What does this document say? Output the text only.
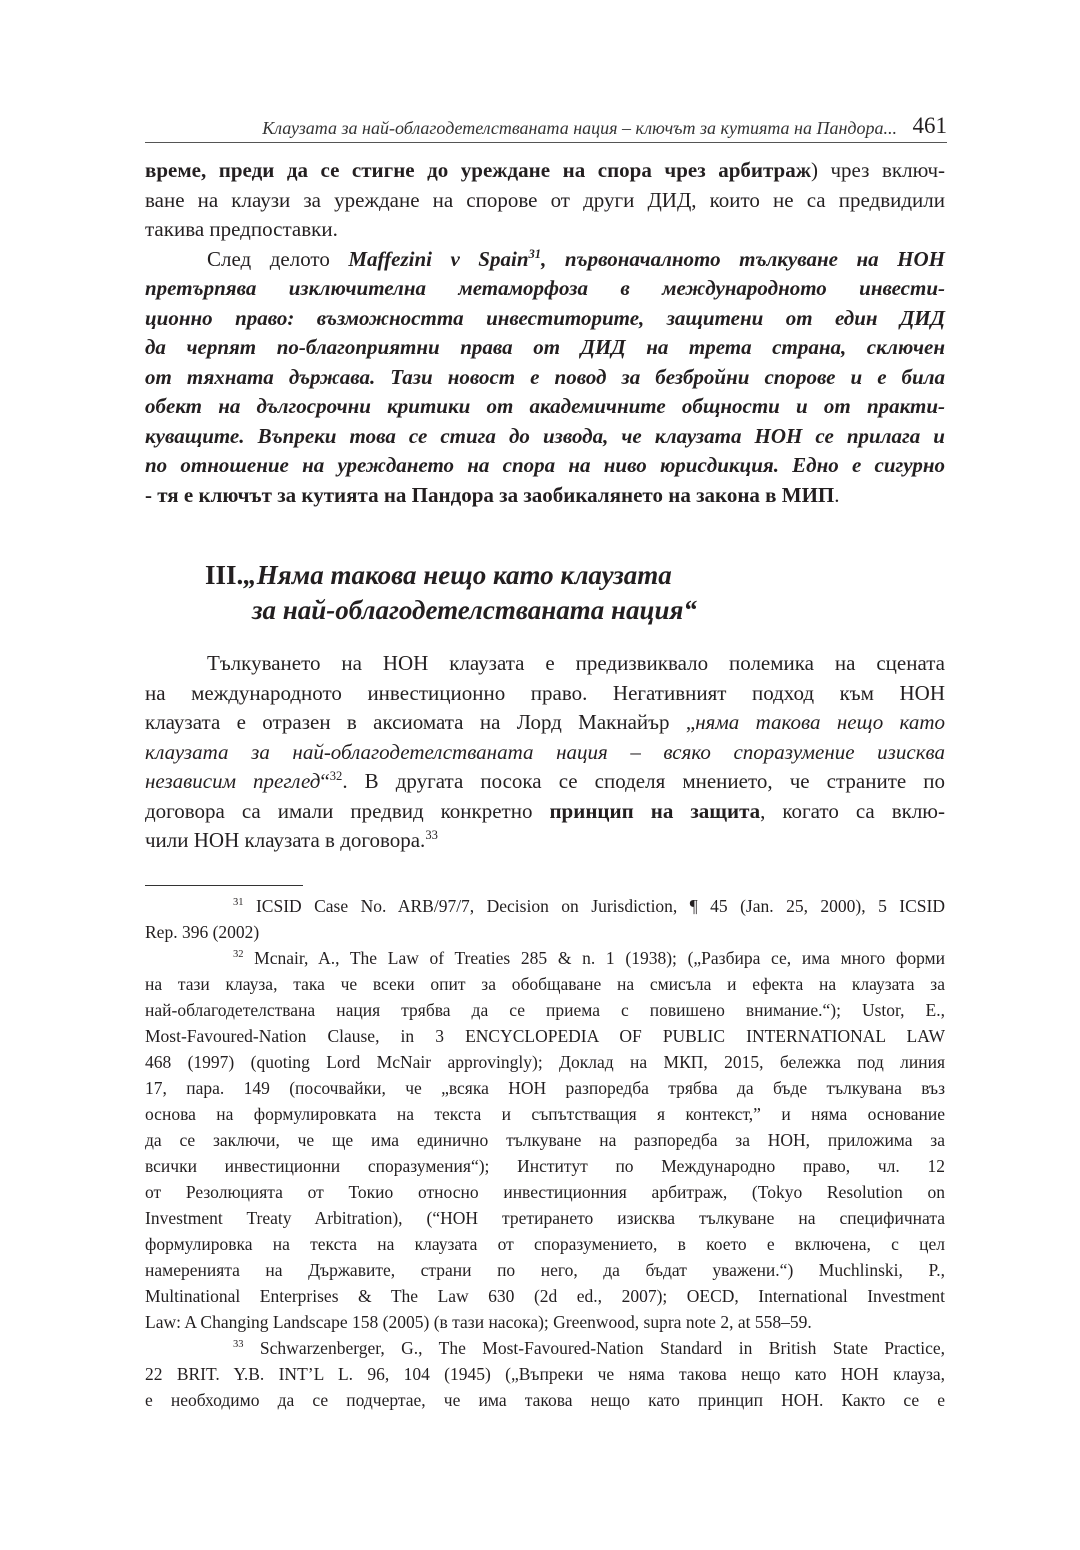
Клаузата за най-облагодетелстваната нация – ключът за кутията на Пандора... 461
време, преди да се стигне до уреждане на спора чрез арбитраж) чрез включ-
ване на клаузи за уреждане на спорове от други ДИД, които не са предвидили
такива предпоставки.
След делото Maffezini v Spain$^{31}$, първоначалното тълкуване на НОН
претърпява изключителна метаморфоза в международното инвести-
ционно право: възможността инвеститорите, защитени от един ДИД
да черпят по-благоприятни права от ДИД на трета страна, сключен
от тяхната държава. Тази новост е повод за безбройни спорове и е била
обект на дългосрочни критики от академичните общности и от практи-
куващите. Въпреки това се стига до извода, че клаузата НОН се прилага и
по отношение на уреждането на спора на ниво юрисдикция. Едно е сигурно
- тя е ключът за кутията на Пандора за заобикалянето на закона в МИП.
III.„Няма такова нещо като клаузата
за най-облагодетелстваната нация“
Тълкуването на НОН клаузата е предизвиквало полемика на сцената
на международното инвестиционно право. Негативният подход към НОН
клаузата е отразен в аксиомата на Лорд Макнайър „няма такова нещо като
клаузата за най-облагодетелстваната нация – всяко споразумение изисква
независим преглед“$^{32}$. В другата посока се споделя мнението, че страните по
договора са имали предвид конкретно принцип на защита, когато са вклю-
чили НОН клаузата в договора.$^{33}$
$^{31}$ ICSID Case No. ARB/97/7, Decision on Jurisdiction, ¶ 45 (Jan. 25, 2000), 5 ICSID
Rep. 396 (2002)
$^{32}$ Mcnair, A., The Law of Treaties 285 & n. 1 (1938); („Разбира се, има много форми
на тази клауза, така че всеки опит за обобщаване на смисъла и ефекта на клаузата за
най-облагодетелствана нация трябва да се приема с повишено внимание.“); Ustor, E.,
Most-Favoured-Nation Clause, in 3 ENCYCLOPEDIA OF PUBLIC INTERNATIONAL LAW
468 (1997) (quoting Lord McNair approvingly); Доклад на МКП, 2015, бележка под линия
17, пара. 149 (посочвайки, че „всяка НОН разпоредба трябва да бъде тълкувана въз
основа на формулировката на текста и съпътстващия я контекст,” и няма основание
да се заключи, че ще има единично тълкуване на разпоредба за НОН, приложима за
всички инвестиционни споразумения“); Институт по Международно право, чл. 12
от Резолюцията от Токио относно инвестиционния арбитраж, (Tokyo Resolution on
Investment Treaty Arbitration), (“НОН третирането изисква тълкуване на специфичната
формулировка на текста на клаузата от споразумението, в което е включена, с цел
намеренията на Държавите, страни по него, да бъдат уважени.“) Muchlinski, P.,
Multinational Enterprises & The Law 630 (2d ed., 2007); OECD, International Investment
Law: A Changing Landscape 158 (2005) (в тази насока); Greenwood, supra note 2, at 558–59.
$^{33}$ Schwarzenberger, G., The Most-Favoured-Nation Standard in British State Practice,
22 BRIT. Y.B. INT’L L. 96, 104 (1945) („Въпреки че няма такова нещо като НОН клауза,
е необходимо да се подчертае, че има такова нещо като принцип НОН. Както се е
